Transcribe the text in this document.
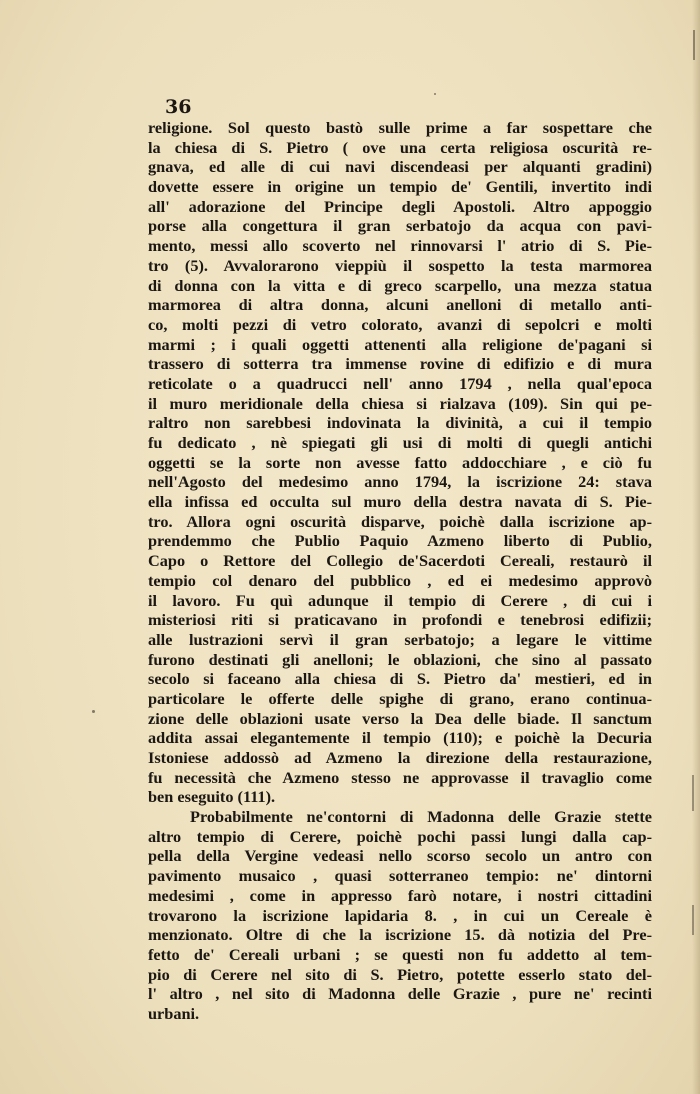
36
religione. Sol questo bastò sulle prime a far sospettare che
la chiesa di S. Pietro ( ove una certa religiosa oscurità re-
gnava, ed alle di cui navi discendeasi per alquanti gradini)
dovette essere in origine un tempio de' Gentili, invertito indi
all' adorazione del Principe degli Apostoli. Altro appoggio
porse alla congettura il gran serbatojo da acqua con pavi-
mento, messi allo scoverto nel rinnovarsi l' atrio di S. Pie-
tro (5). Avvalorarono vieppiù il sospetto la testa marmorea
di donna con la vitta e di greco scarpello, una mezza statua
marmorea di altra donna, alcuni anelloni di metallo anti-
co, molti pezzi di vetro colorato, avanzi di sepolcri e molti
marmi ; i quali oggetti attenenti alla religione de'pagani si
trassero di sotterra tra immense rovine di edifizio e di mura
reticolate o a quadrucci nell' anno 1794 , nella qual'epoca
il muro meridionale della chiesa si rialzava (109). Sin qui pe-
raltro non sarebbesi indovinata la divinità, a cui il tempio
fu dedicato , nè spiegati gli usi di molti di quegli antichi
oggetti se la sorte non avesse fatto addocchiare , e ciò fu
nell'Agosto del medesimo anno 1794, la iscrizione 24: stava
ella infissa ed occulta sul muro della destra navata di S. Pie-
tro. Allora ogni oscurità disparve, poichè dalla iscrizione ap-
prendemmo che Publio Paquio Azmeno liberto di Publio,
Capo o Rettore del Collegio de'Sacerdoti Cereali, restaurò il
tempio col denaro del pubblico , ed ei medesimo approvò
il lavoro. Fu quì adunque il tempio di Cerere , di cui i
misteriosi riti si praticavano in profondi e tenebrosi edifizii;
alle lustrazioni servì il gran serbatojo; a legare le vittime
furono destinati gli anelloni; le oblazioni, che sino al passato
secolo si faceano alla chiesa di S. Pietro da' mestieri, ed in
particolare le offerte delle spighe di grano, erano continua-
zione delle oblazioni usate verso la Dea delle biade. Il sanctum
addita assai elegantemente il tempio (110); e poichè la Decuria
Istoniese addossò ad Azmeno la direzione della restaurazione,
fu necessità che Azmeno stesso ne approvasse il travaglio come
ben eseguito (111).
Probabilmente ne'contorni di Madonna delle Grazie stette
altro tempio di Cerere, poichè pochi passi lungi dalla cap-
pella della Vergine vedeasi nello scorso secolo un antro con
pavimento musaico , quasi sotterraneo tempio: ne' dintorni
medesimi , come in appresso farò notare, i nostri cittadini
trovarono la iscrizione lapidaria 8. , in cui un Cereale è
menzionato. Oltre di che la iscrizione 15. dà notizia del Pre-
fetto de' Cereali urbani ; se questi non fu addetto al tem-
pio di Cerere nel sito di S. Pietro, potette esserlo stato del-
l' altro , nel sito di Madonna delle Grazie , pure ne' recinti
urbani.
